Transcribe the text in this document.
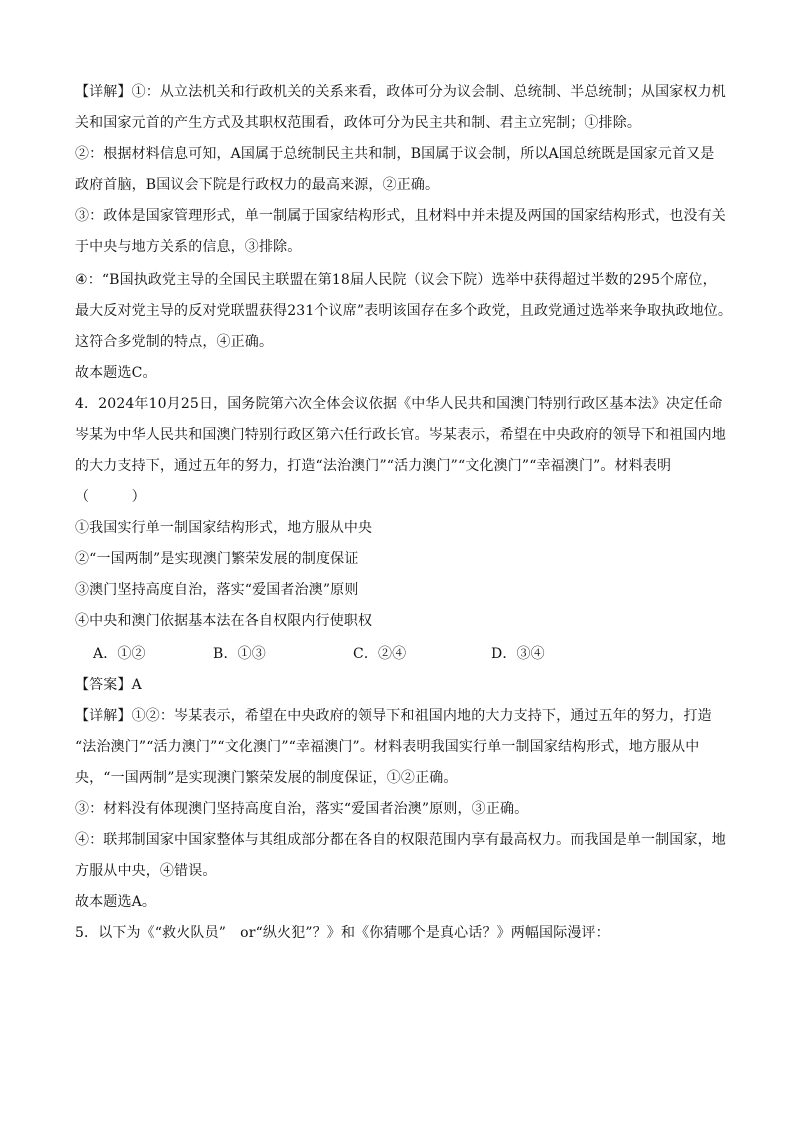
【详解】①：从立法机关和行政机关的关系来看，政体可分为议会制、总统制、半总统制；从国家权力机
关和国家元首的产生方式及其职权范围看，政体可分为民主共和制、君主立宪制；①排除。
②：根据材料信息可知，A国属于总统制民主共和制，B国属于议会制，所以A国总统既是国家元首又是
政府首脑，B国议会下院是行政权力的最高来源，②正确。
③：政体是国家管理形式，单一制属于国家结构形式，且材料中并未提及两国的国家结构形式，也没有关
于中央与地方关系的信息，③排除。
④：“B国执政党主导的全国民主联盟在第18届人民院（议会下院）选举中获得超过半数的295个席位，
最大反对党主导的反对党联盟获得231个议席”表明该国存在多个政党，且政党通过选举来争取执政地位。
这符合多党制的特点，④正确。
故本题选C。
4．2024年10月25日，国务院第六次全体会议依据《中华人民共和国澳门特别行政区基本法》决定任命
岑某为中华人民共和国澳门特别行政区第六任行政长官。岑某表示，希望在中央政府的领导下和祖国内地
的大力支持下，通过五年的努力，打造“法治澳门”“活力澳门”“文化澳门”“幸福澳门”。材料表明
（　　　）
①我国实行单一制国家结构形式，地方服从中央
②“一国两制”是实现澳门繁荣发展的制度保证
③澳门坚持高度自治，落实“爱国者治澳”原则
④中央和澳门依据基本法在各自权限内行使职权
A．①②	B．①③	C．②④	D．③④
【答案】A
【详解】①②：岑某表示，希望在中央政府的领导下和祖国内地的大力支持下，通过五年的努力，打造
“法治澳门”“活力澳门”“文化澳门”“幸福澳门”。材料表明我国实行单一制国家结构形式，地方服从中
央，“一国两制”是实现澳门繁荣发展的制度保证，①②正确。
③：材料没有体现澳门坚持高度自治，落实“爱国者治澳”原则，③正确。
④：联邦制国家中国家整体与其组成部分都在各自的权限范围内享有最高权力。而我国是单一制国家，地
方服从中央，④错误。
故本题选A。
5．以下为《“救火队员”　or“纵火犯”？》和《你猜哪个是真心话？》两幅国际漫评：
